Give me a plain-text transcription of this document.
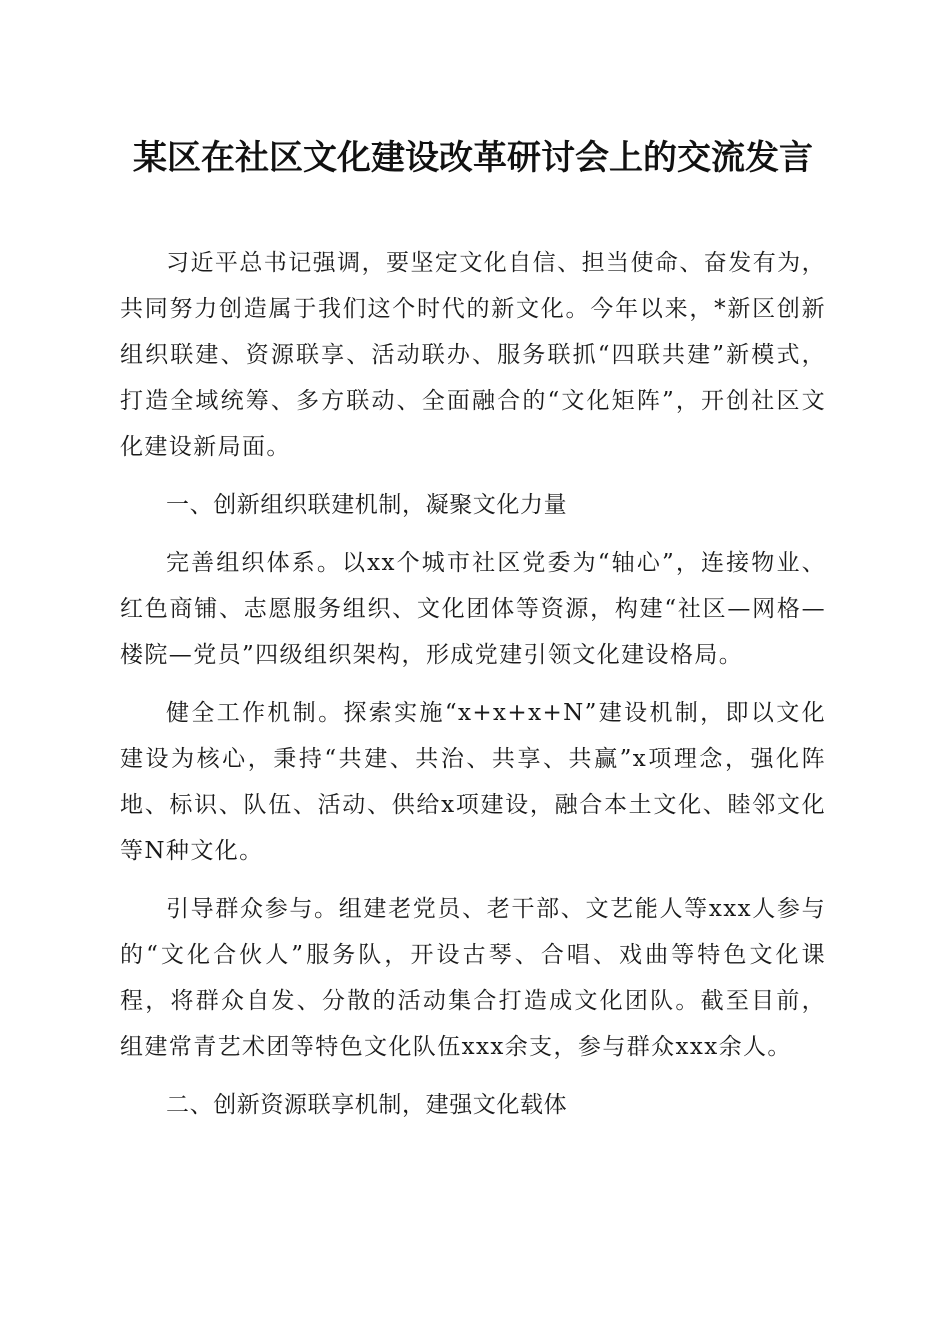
某区在社区文化建设改革研讨会上的交流发言

习近平总书记强调，要坚定文化自信、担当使命、奋发有为，共同努力创造属于我们这个时代的新文化。今年以来，*新区创新组织联建、资源联享、活动联办、服务联抓“四联共建”新模式，打造全域统筹、多方联动、全面融合的“文化矩阵”，开创社区文化建设新局面。

一、创新组织联建机制，凝聚文化力量

完善组织体系。以xx个城市社区党委为“轴心”，连接物业、红色商铺、志愿服务组织、文化团体等资源，构建“社区—网格—楼院—党员”四级组织架构，形成党建引领文化建设格局。

健全工作机制。探索实施“x+x+x+N”建设机制，即以文化建设为核心，秉持“共建、共治、共享、共赢”x项理念，强化阵地、标识、队伍、活动、供给x项建设，融合本土文化、睦邻文化等N种文化。

引导群众参与。组建老党员、老干部、文艺能人等xxx人参与的“文化合伙人”服务队，开设古琴、合唱、戏曲等特色文化课程，将群众自发、分散的活动集合打造成文化团队。截至目前，组建常青艺术团等特色文化队伍xxx余支，参与群众xxx余人。

二、创新资源联享机制，建强文化载体
